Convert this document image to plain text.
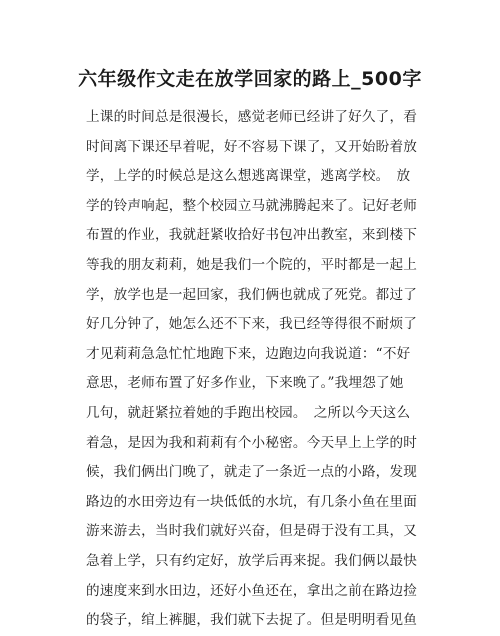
六年级作文走在放学回家的路上_500字
上课的时间总是很漫长，感觉老师已经讲了好久了，看
时间离下课还早着呢，好不容易下课了，又开始盼着放
学，上学的时候总是这么想逃离课堂，逃离学校。　放
学的铃声响起，整个校园立马就沸腾起来了。记好老师
布置的作业，我就赶紧收拾好书包冲出教室，来到楼下
等我的朋友莉莉，她是我们一个院的，平时都是一起上
学，放学也是一起回家，我们俩也就成了死党。都过了
好几分钟了，她怎么还不下来，我已经等得很不耐烦了
才见莉莉急急忙忙地跑下来，边跑边向我说道：“不好
意思，老师布置了好多作业，下来晚了。”我埋怨了她
几句，就赶紧拉着她的手跑出校园。　之所以今天这么
着急，是因为我和莉莉有个小秘密。今天早上上学的时
候，我们俩出门晚了，就走了一条近一点的小路，发现
路边的水田旁边有一块低低的水坑，有几条小鱼在里面
游来游去，当时我们就好兴奋，但是碍于没有工具，又
急着上学，只有约定好，放学后再来捉。我们俩以最快
的速度来到水田边，还好小鱼还在，拿出之前在路边捡
的袋子，绾上裤腿，我们就下去捉了。但是明明看见鱼
